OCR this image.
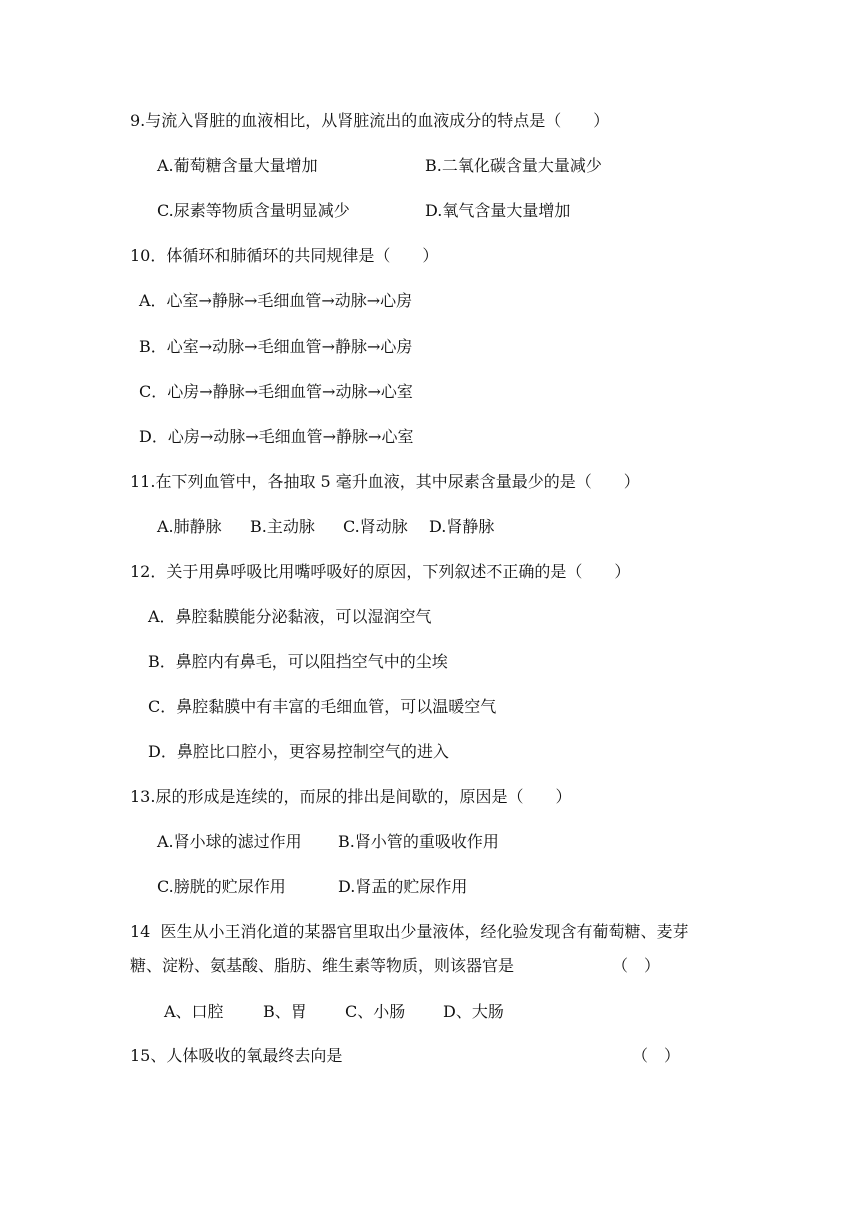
9.与流入肾脏的血液相比，从肾脏流出的血液成分的特点是（　　）
A.葡萄糖含量大量增加	B.二氧化碳含量大量减少
C.尿素等物质含量明显减少	D.氧气含量大量增加
10．体循环和肺循环的共同规律是（　　）
A．心室→静脉→毛细血管→动脉→心房
B．心室→动脉→毛细血管→静脉→心房
C．心房→静脉→毛细血管→动脉→心室
D．心房→动脉→毛细血管→静脉→心室
11.在下列血管中，各抽取 5 毫升血液，其中尿素含量最少的是（　　）
A.肺静脉 B.主动脉 C.肾动脉 D.肾静脉
12．关于用鼻呼吸比用嘴呼吸好的原因，下列叙述不正确的是（　　）
A．鼻腔黏膜能分泌黏液，可以湿润空气
B．鼻腔内有鼻毛，可以阻挡空气中的尘埃
C．鼻腔黏膜中有丰富的毛细血管，可以温暖空气
D．鼻腔比口腔小，更容易控制空气的进入
13.尿的形成是连续的，而尿的排出是间歇的，原因是（　　）
A.肾小球的滤过作用 B.肾小管的重吸收作用
C.膀胱的贮尿作用	D.肾盂的贮尿作用
14  医生从小王消化道的某器官里取出少量液体，经化验发现含有葡萄糖、麦芽
糖、淀粉、氨基酸、脂肪、维生素等物质，则该器官是	（　）
A、口腔 B、胃 C、小肠 D、大肠
15、人体吸收的氧最终去向是	（　）
